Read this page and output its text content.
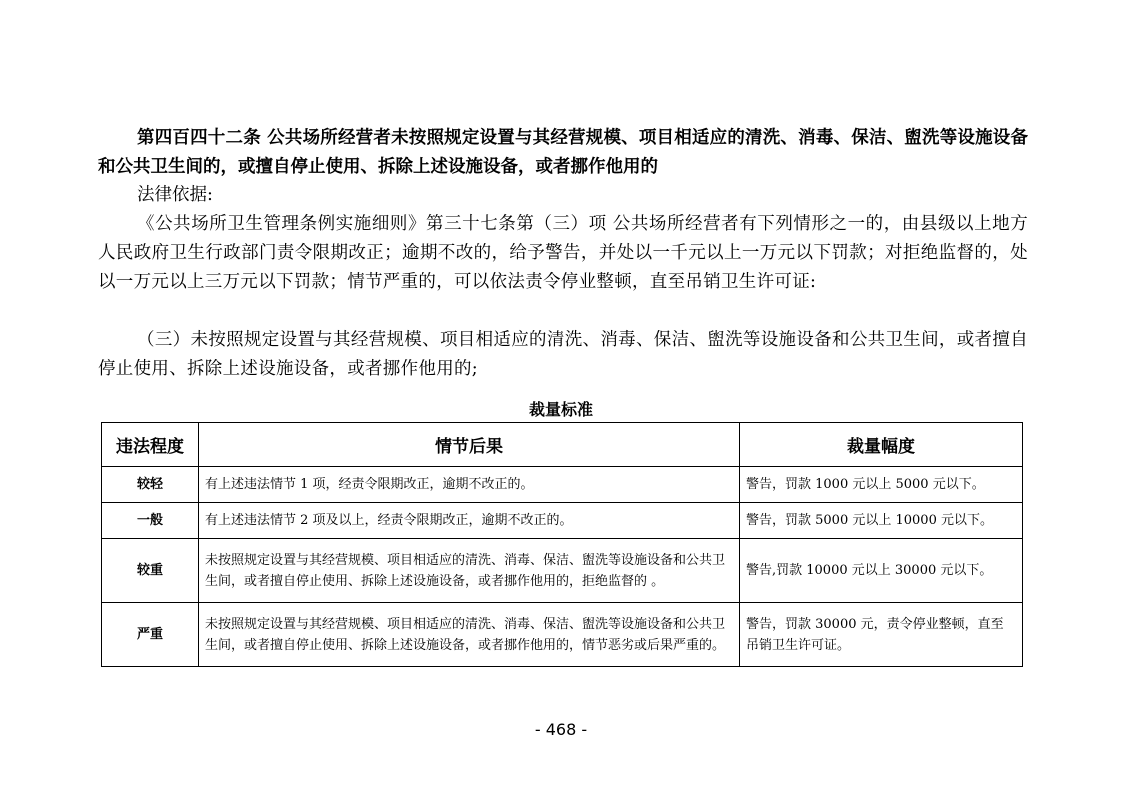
第四百四十二条 公共场所经营者未按照规定设置与其经营规模、项目相适应的清洗、消毒、保洁、盥洗等设施设备和公共卫生间的，或擅自停止使用、拆除上述设施设备，或者挪作他用的
法律依据:
《公共场所卫生管理条例实施细则》第三十七条第（三）项 公共场所经营者有下列情形之一的，由县级以上地方人民政府卫生行政部门责令限期改正；逾期不改的，给予警告，并处以一千元以上一万元以下罚款；对拒绝监督的，处以一万元以上三万元以下罚款；情节严重的，可以依法责令停业整顿，直至吊销卫生许可证:
（三）未按照规定设置与其经营规模、项目相适应的清洗、消毒、保洁、盥洗等设施设备和公共卫生间，或者擅自停止使用、拆除上述设施设备，或者挪作他用的;
裁量标准
违法程度	情节后果	裁量幅度
较轻	有上述违法情节 1 项，经责令限期改正，逾期不改正的。	警告，罚款 1000 元以上 5000 元以下。
一般	有上述违法情节 2 项及以上，经责令限期改正，逾期不改正的。	警告，罚款 5000 元以上 10000 元以下。
较重	未按照规定设置与其经营规模、项目相适应的清洗、消毒、保洁、盥洗等设施设备和公共卫生间，或者擅自停止使用、拆除上述设施设备，或者挪作他用的，拒绝监督的 。	警告,罚款 10000 元以上 30000 元以下。
严重	未按照规定设置与其经营规模、项目相适应的清洗、消毒、保洁、盥洗等设施设备和公共卫生间，或者擅自停止使用、拆除上述设施设备，或者挪作他用的，情节恶劣或后果严重的。	警告，罚款 30000 元，责令停业整顿，直至吊销卫生许可证。
- 468 -
